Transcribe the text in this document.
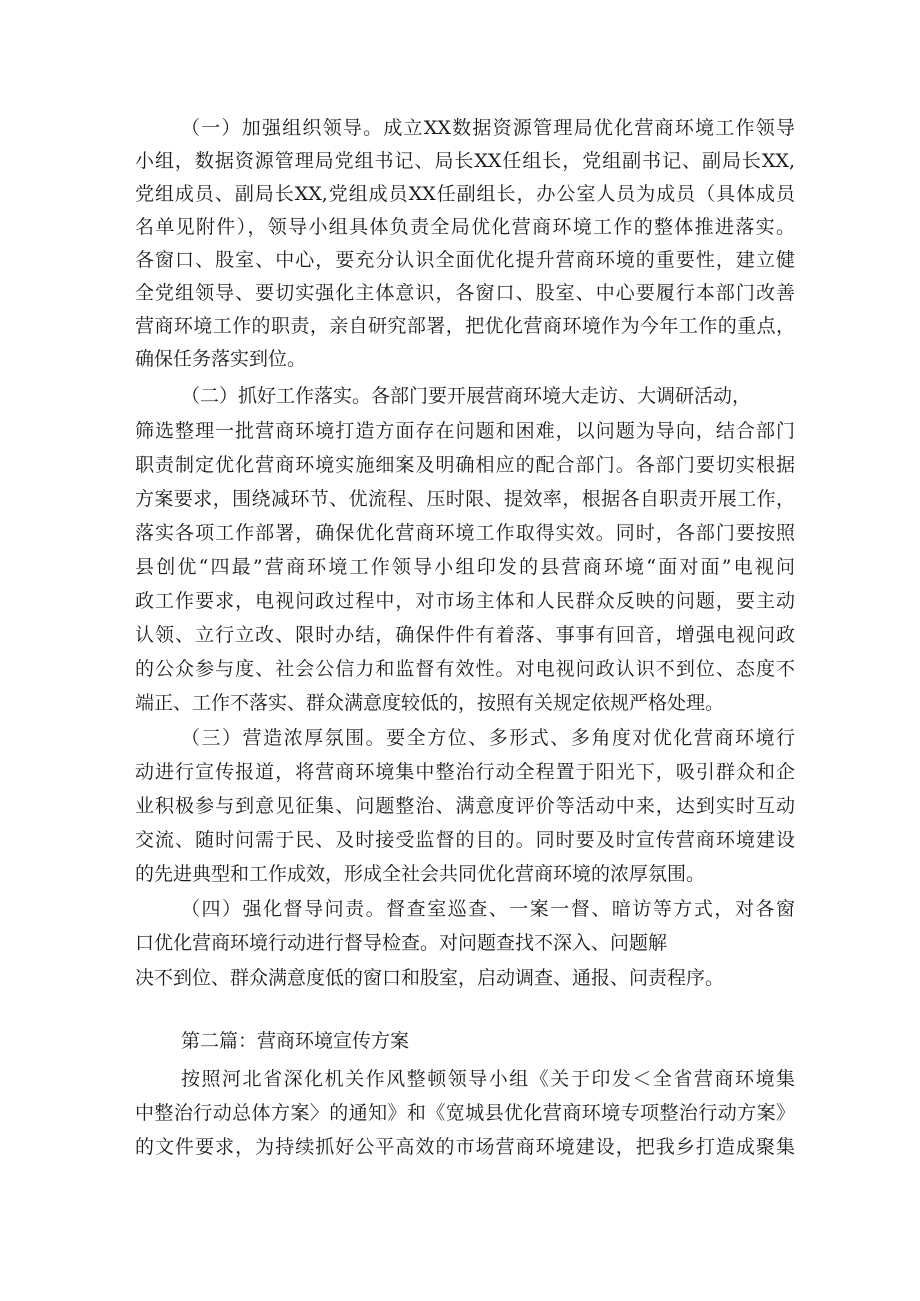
（一）加强组织领导。成立XX数据资源管理局优化营商环境工作领导
小组，数据资源管理局党组书记、局长XX任组长，党组副书记、副局长XX,
党组成员、副局长XX,党组成员XX任副组长，办公室人员为成员（具体成员
名单见附件），领导小组具体负责全局优化营商环境工作的整体推进落实。
各窗口、股室、中心，要充分认识全面优化提升营商环境的重要性，建立健
全党组领导、要切实强化主体意识，各窗口、股室、中心要履行本部门改善
营商环境工作的职责，亲自研究部署，把优化营商环境作为今年工作的重点，
确保任务落实到位。
（二）抓好工作落实。各部门要开展营商环境大走访、大调研活动，
筛选整理一批营商环境打造方面存在问题和困难，以问题为导向，结合部门
职责制定优化营商环境实施细案及明确相应的配合部门。各部门要切实根据
方案要求，围绕减环节、优流程、压时限、提效率，根据各自职责开展工作，
落实各项工作部署，确保优化营商环境工作取得实效。同时，各部门要按照
县创优“四最”营商环境工作领导小组印发的县营商环境“面对面”电视问
政工作要求，电视问政过程中，对市场主体和人民群众反映的问题，要主动
认领、立行立改、限时办结，确保件件有着落、事事有回音，增强电视问政
的公众参与度、社会公信力和监督有效性。对电视问政认识不到位、态度不
端正、工作不落实、群众满意度较低的，按照有关规定依规严格处理。
（三）营造浓厚氛围。要全方位、多形式、多角度对优化营商环境行
动进行宣传报道，将营商环境集中整治行动全程置于阳光下，吸引群众和企
业积极参与到意见征集、问题整治、满意度评价等活动中来，达到实时互动
交流、随时问需于民、及时接受监督的目的。同时要及时宣传营商环境建设
的先进典型和工作成效，形成全社会共同优化营商环境的浓厚氛围。
（四）强化督导问责。督查室巡查、一案一督、暗访等方式，对各窗
口优化营商环境行动进行督导检查。对问题查找不深入、问题解
决不到位、群众满意度低的窗口和股室，启动调查、通报、问责程序。
第二篇：营商环境宣传方案
按照河北省深化机关作风整顿领导小组《关于印发＜全省营商环境集
中整治行动总体方案〉的通知》和《宽城县优化营商环境专项整治行动方案》
的文件要求，为持续抓好公平高效的市场营商环境建设，把我乡打造成聚集
